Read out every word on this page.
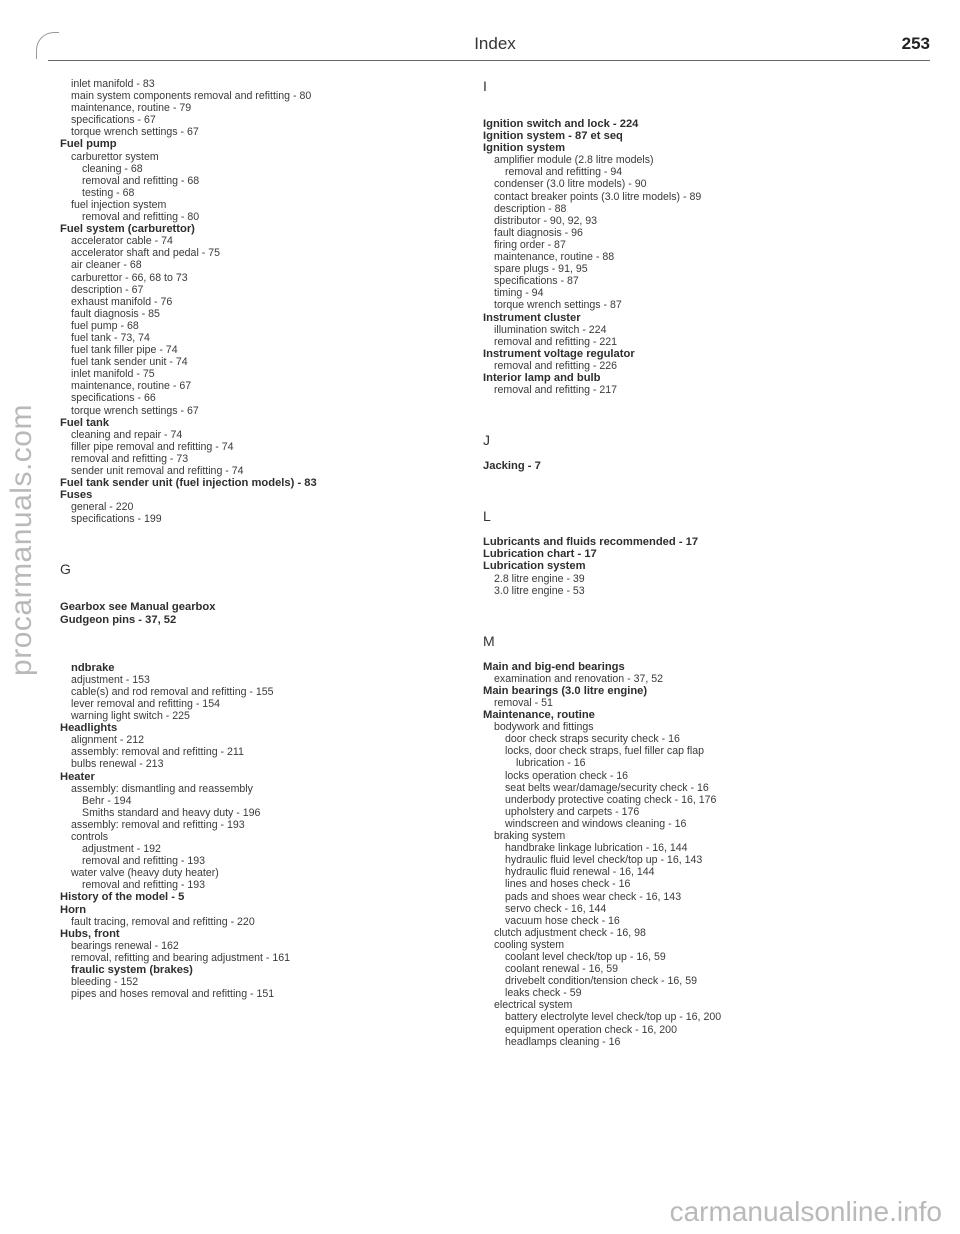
procarmanuals.com
Index	253
inlet manifold - 83
main system components removal and refitting - 80
maintenance, routine - 79
specifications - 67
torque wrench settings - 67
Fuel pump
carburettor system
cleaning - 68
removal and refitting - 68
testing - 68
fuel injection system
removal and refitting - 80
Fuel system (carburettor)
accelerator cable - 74
accelerator shaft and pedal - 75
air cleaner - 68
carburettor - 66, 68 to 73
description - 67
exhaust manifold - 76
fault diagnosis - 85
fuel pump - 68
fuel tank - 73, 74
fuel tank filler pipe - 74
fuel tank sender unit - 74
inlet manifold - 75
maintenance, routine - 67
specifications - 66
torque wrench settings - 67
Fuel tank
cleaning and repair - 74
filler pipe removal and refitting - 74
removal and refitting - 73
sender unit removal and refitting - 74
Fuel tank sender unit (fuel injection models) - 83
Fuses
general - 220
specifications - 199
G
Gearbox see Manual gearbox
Gudgeon pins - 37, 52
ndbrake
adjustment - 153
cable(s) and rod removal and refitting - 155
lever removal and refitting - 154
warning light switch - 225
Headlights
alignment - 212
assembly: removal and refitting - 211
bulbs renewal - 213
Heater
assembly: dismantling and reassembly
Behr - 194
Smiths standard and heavy duty - 196
assembly: removal and refitting - 193
controls
adjustment - 192
removal and refitting - 193
water valve (heavy duty heater)
removal and refitting - 193
History of the model - 5
Horn
fault tracing, removal and refitting - 220
Hubs, front
bearings renewal - 162
removal, refitting and bearing adjustment - 161
fraulic system (brakes)
bleeding - 152
pipes and hoses removal and refitting - 151
I
Ignition switch and lock - 224
Ignition system - 87 et seq
Ignition system
amplifier module (2.8 litre models)
removal and refitting - 94
condenser (3.0 litre models) - 90
contact breaker points (3.0 litre models) - 89
description - 88
distributor - 90, 92, 93
fault diagnosis - 96
firing order - 87
maintenance, routine - 88
spare plugs - 91, 95
specifications - 87
timing - 94
torque wrench settings - 87
Instrument cluster
illumination switch - 224
removal and refitting - 221
Instrument voltage regulator
removal and refitting - 226
Interior lamp and bulb
removal and refitting - 217
J
Jacking - 7
L
Lubricants and fluids recommended - 17
Lubrication chart - 17
Lubrication system
2.8 litre engine - 39
3.0 litre engine - 53
M
Main and big-end bearings
examination and renovation - 37, 52
Main bearings (3.0 litre engine)
removal - 51
Maintenance, routine
bodywork and fittings
door check straps security check - 16
locks, door check straps, fuel filler cap flap
lubrication - 16
locks operation check - 16
seat belts wear/damage/security check - 16
underbody protective coating check - 16, 176
upholstery and carpets - 176
windscreen and windows cleaning - 16
braking system
handbrake linkage lubrication - 16, 144
hydraulic fluid level check/top up - 16, 143
hydraulic fluid renewal - 16, 144
lines and hoses check - 16
pads and shoes wear check - 16, 143
servo check - 16, 144
vacuum hose check - 16
clutch adjustment check - 16, 98
cooling system
coolant level check/top up - 16, 59
coolant renewal - 16, 59
drivebelt condition/tension check - 16, 59
leaks check - 59
electrical system
battery electrolyte level check/top up - 16, 200
equipment operation check - 16, 200
headlamps cleaning - 16
carmanualsonline.info
